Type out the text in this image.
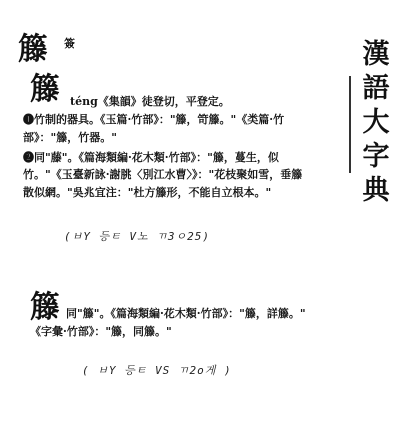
漢
語
大
字
典
籐 簽
籐 téng《集韻》徒登切，平登定。
❶竹制的器具。《玉篇·竹部》："籐，笴籐。"《类篇·竹
部》："籐，竹器。"
❷同"藤"。《篇海類編·花木類·竹部》："籐，蔓生，似
竹。"《玉臺新詠·謝朓〈別江水曹〉》："花枝聚如雪，垂籐
散似網。"吳兆宜注："杜方籐形，不能自立根本。"
(ㅂY 등ㅌ V노 ㄲ3ㅇ25)
籐 同"籐"。《篇海類編·花木類·竹部》："籐，詳籐。"
《字彙·竹部》："籐，同籐。"
( ㅂY 등ㅌ VS ㄲ2o게 )
